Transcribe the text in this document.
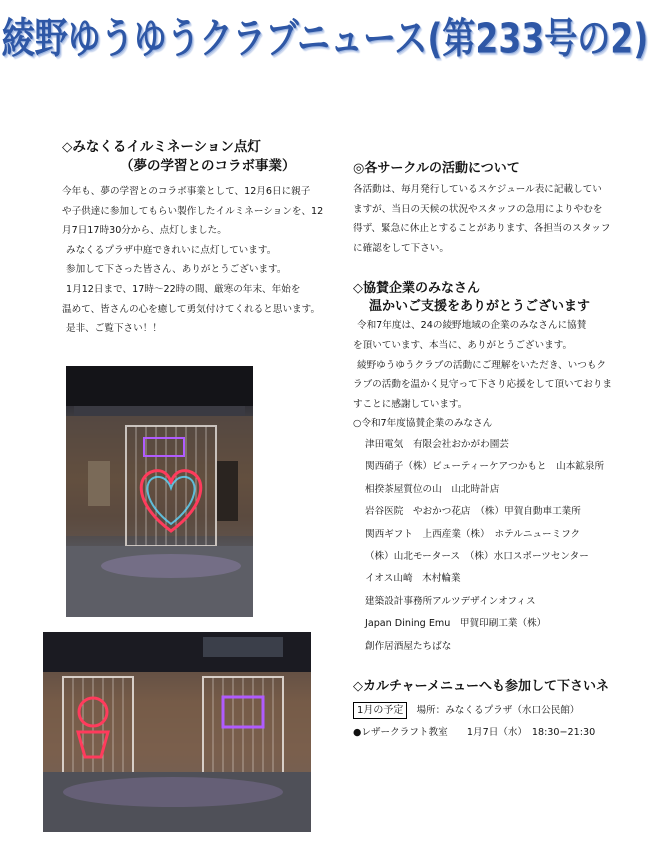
綾野ゆうゆうクラブニュース(第233号の2)

◇みなくるイルミネーション点灯

（夢の学習とのコラボ事業）

今年も、夢の学習とのコラボ事業として、12月6日に親子

や子供達に参加してもらい製作したイルミネーションを、12

月7日17時30分から、点灯しました。

みなくるプラザ中庭できれいに点灯しています。

参加して下さった皆さん、ありがとうございます。

1月12日まで、17時～22時の間、厳寒の年末、年始を

温めて、皆さんの心を癒して勇気付けてくれると思います。

是非、ご覧下さい！！

◎各サークルの活動について

各活動は、毎月発行しているスケジュール表に記載してい

ますが、当日の天候の状況やスタッフの急用によりやむを

得ず、緊急に休止とすることがあります、各担当のスタッフ

に確認をして下さい。

◇協賛企業のみなさん

温かいご支援をありがとうございます

令和7年度は、24の綾野地域の企業のみなさんに協賛

を頂いています、本当に、ありがとうございます。

綾野ゆうゆうクラブの活動にご理解をいただき、いつもク

ラブの活動を温かく見守って下さり応援をして頂いておりま

すことに感謝しています。

○令和7年度協賛企業のみなさん

津田電気　有限会社おかがわ園芸

関西硝子（株）ビューティーケアつかもと　山本鉱泉所

相揆茶屋質位の山　山北時計店

岩谷医院　やおかつ花店　（株）甲賀自動車工業所

関西ギフト　上西産業（株）　ホテルニューミフク

（株）山北モータース　（株）水口スポーツセンター

イオス山崎　木村輪業

建築設計事務所アルツデザインオフィス

Japan Dining Emu　甲賀印刷工業（株）

創作居酒屋たちばな

◇カルチャーメニューへも参加して下さいネ

1月の予定 場所：みなくるプラザ（水口公民館）

●レザークラフト教室　　1月7日（水）　18:30−21:30
